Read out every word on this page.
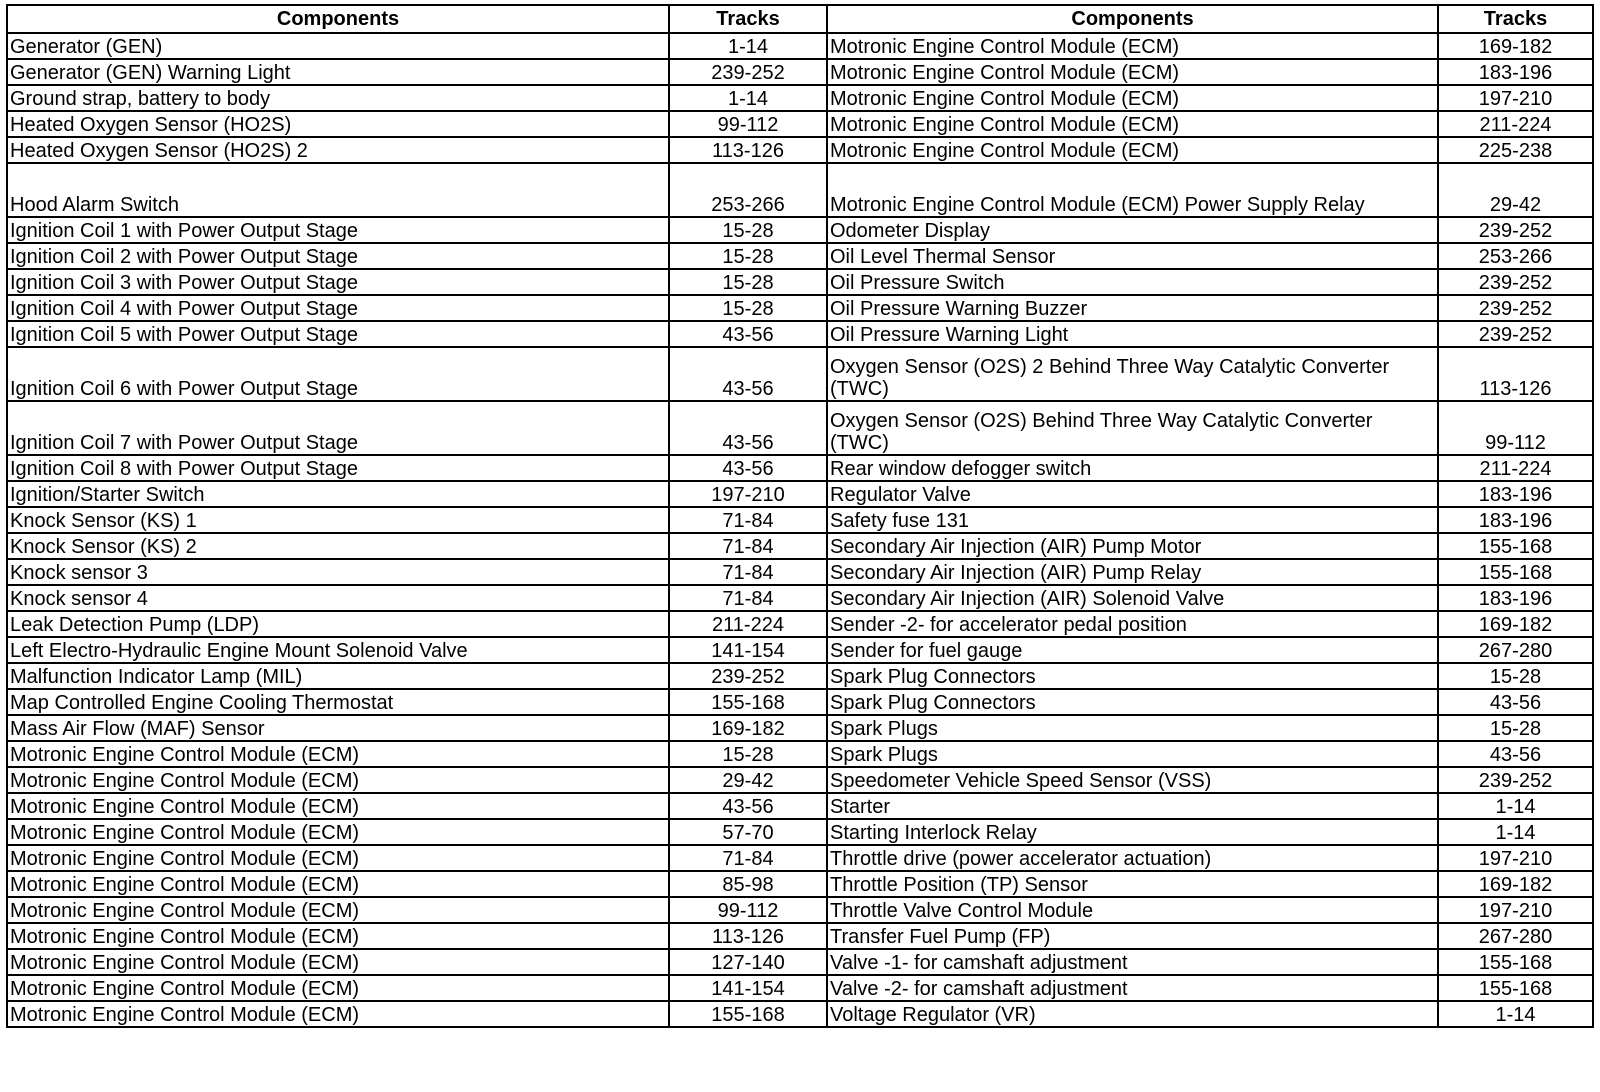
Components	Tracks	Components	Tracks
Generator (GEN)	1-14	Motronic Engine Control Module (ECM)	169-182
Generator (GEN) Warning Light	239-252	Motronic Engine Control Module (ECM)	183-196
Ground strap, battery to body	1-14	Motronic Engine Control Module (ECM)	197-210
Heated Oxygen Sensor (HO2S)	99-112	Motronic Engine Control Module (ECM)	211-224
Heated Oxygen Sensor (HO2S) 2	113-126	Motronic Engine Control Module (ECM)	225-238
Hood Alarm Switch	253-266	Motronic Engine Control Module (ECM) Power Supply Relay	29-42
Ignition Coil 1 with Power Output Stage	15-28	Odometer Display	239-252
Ignition Coil 2 with Power Output Stage	15-28	Oil Level Thermal Sensor	253-266
Ignition Coil 3 with Power Output Stage	15-28	Oil Pressure Switch	239-252
Ignition Coil 4 with Power Output Stage	15-28	Oil Pressure Warning Buzzer	239-252
Ignition Coil 5 with Power Output Stage	43-56	Oil Pressure Warning Light	239-252
Ignition Coil 6 with Power Output Stage	43-56	Oxygen Sensor (O2S) 2 Behind Three Way Catalytic Converter (TWC)	113-126
Ignition Coil 7 with Power Output Stage	43-56	Oxygen Sensor (O2S) Behind Three Way Catalytic Converter (TWC)	99-112
Ignition Coil 8 with Power Output Stage	43-56	Rear window defogger switch	211-224
Ignition/Starter Switch	197-210	Regulator Valve	183-196
Knock Sensor (KS) 1	71-84	Safety fuse 131	183-196
Knock Sensor (KS) 2	71-84	Secondary Air Injection (AIR) Pump Motor	155-168
Knock sensor 3	71-84	Secondary Air Injection (AIR) Pump Relay	155-168
Knock sensor 4	71-84	Secondary Air Injection (AIR) Solenoid Valve	183-196
Leak Detection Pump (LDP)	211-224	Sender -2- for accelerator pedal position	169-182
Left Electro-Hydraulic Engine Mount Solenoid Valve	141-154	Sender for fuel gauge	267-280
Malfunction Indicator Lamp (MIL)	239-252	Spark Plug Connectors	15-28
Map Controlled Engine Cooling Thermostat	155-168	Spark Plug Connectors	43-56
Mass Air Flow (MAF) Sensor	169-182	Spark Plugs	15-28
Motronic Engine Control Module (ECM)	15-28	Spark Plugs	43-56
Motronic Engine Control Module (ECM)	29-42	Speedometer Vehicle Speed Sensor (VSS)	239-252
Motronic Engine Control Module (ECM)	43-56	Starter	1-14
Motronic Engine Control Module (ECM)	57-70	Starting Interlock Relay	1-14
Motronic Engine Control Module (ECM)	71-84	Throttle drive (power accelerator actuation)	197-210
Motronic Engine Control Module (ECM)	85-98	Throttle Position (TP) Sensor	169-182
Motronic Engine Control Module (ECM)	99-112	Throttle Valve Control Module	197-210
Motronic Engine Control Module (ECM)	113-126	Transfer Fuel Pump (FP)	267-280
Motronic Engine Control Module (ECM)	127-140	Valve -1- for camshaft adjustment	155-168
Motronic Engine Control Module (ECM)	141-154	Valve -2- for camshaft adjustment	155-168
Motronic Engine Control Module (ECM)	155-168	Voltage Regulator (VR)	1-14
